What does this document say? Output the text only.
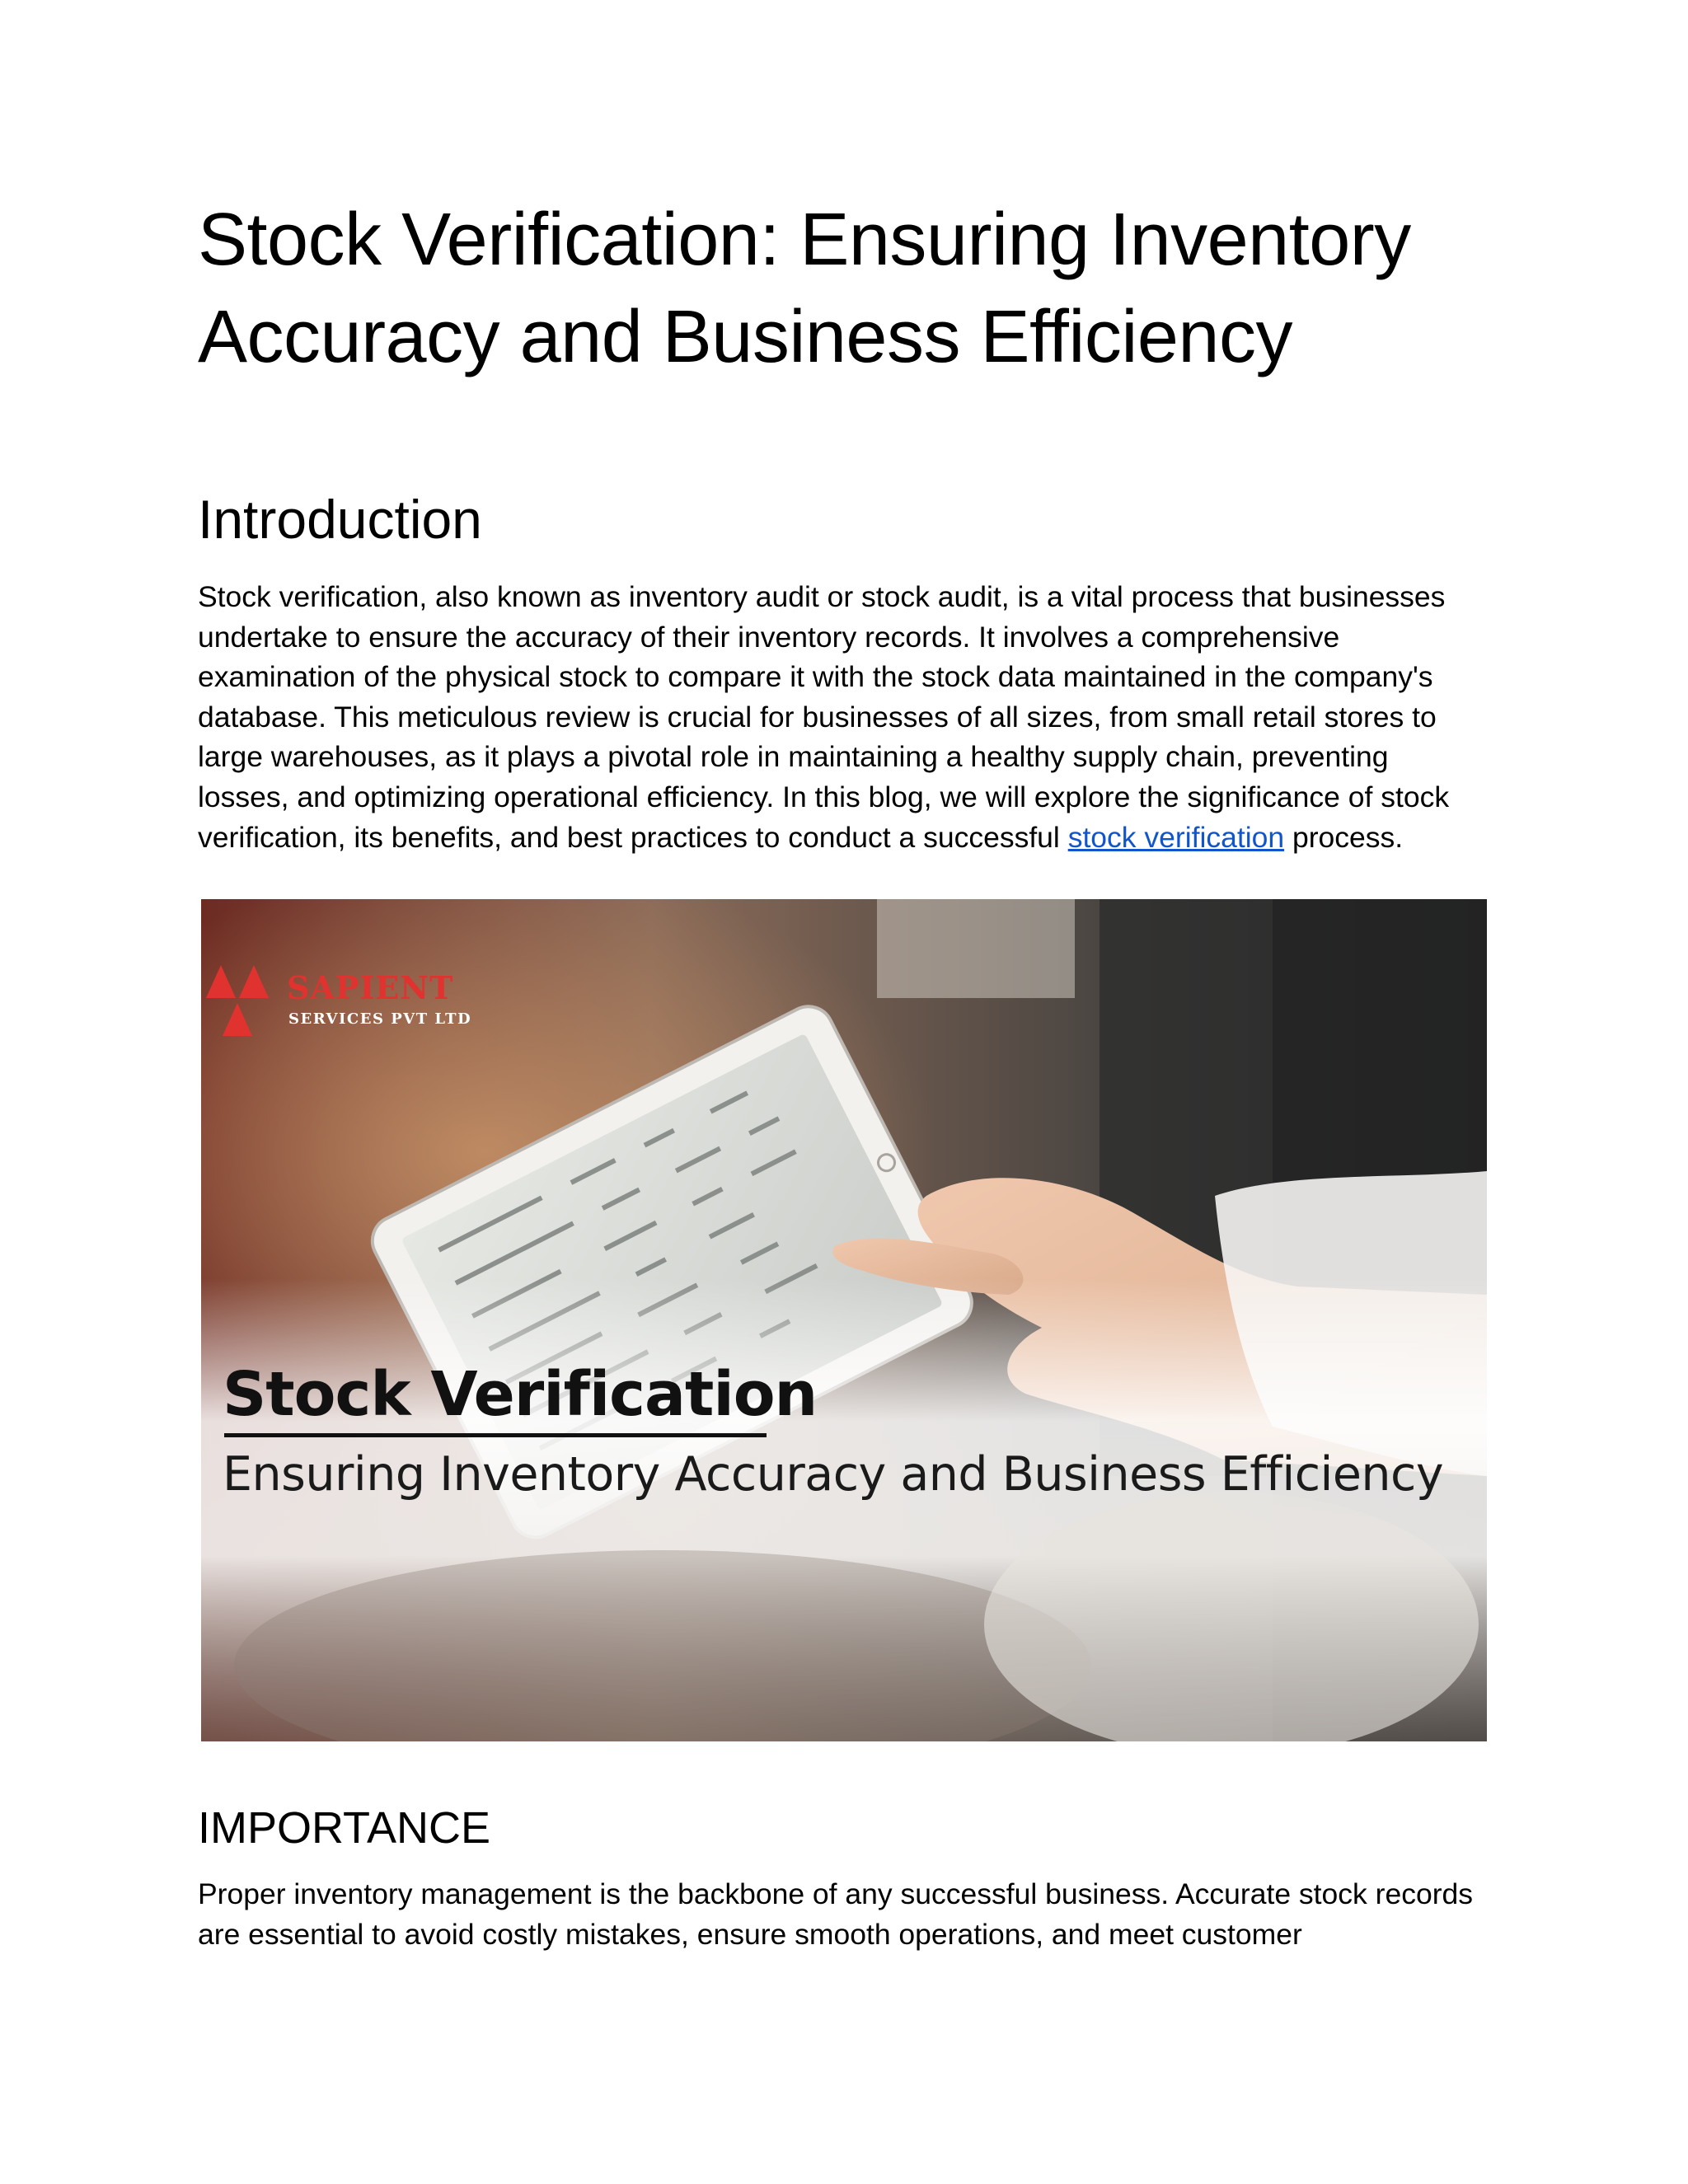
Stock Verification: Ensuring Inventory Accuracy and Business Efficiency
Introduction

Stock verification, also known as inventory audit or stock audit, is a vital process that businesses undertake to ensure the accuracy of their inventory records. It involves a comprehensive examination of the physical stock to compare it with the stock data maintained in the company's database. This meticulous review is crucial for businesses of all sizes, from small retail stores to large warehouses, as it plays a pivotal role in maintaining a healthy supply chain, preventing losses, and optimizing operational efficiency. In this blog, we will explore the significance of stock verification, its benefits, and best practices to conduct a successful stock verification process.

SAPIENT
SERVICES PVT LTD
Stock Verification

Ensuring Inventory Accuracy and Business Efficiency

IMPORTANCE

Proper inventory management is the backbone of any successful business. Accurate stock records are essential to avoid costly mistakes, ensure smooth operations, and meet customer
